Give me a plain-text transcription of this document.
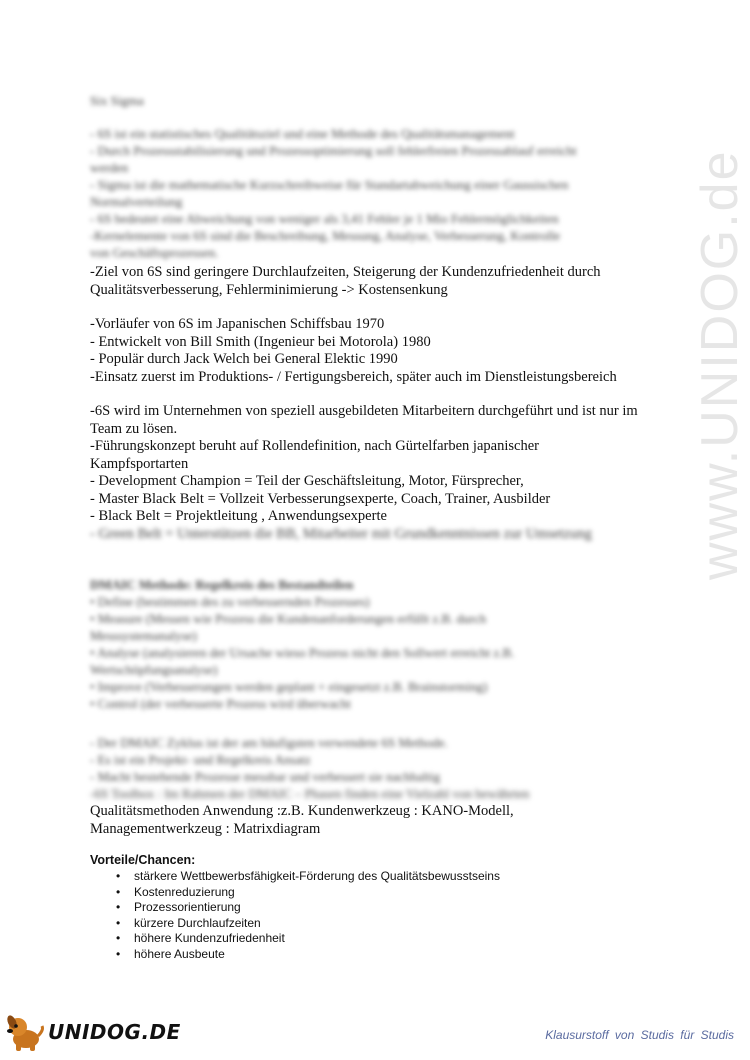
www.UNIDOG.de
Six Sigma
- 6S ist ein statistisches Qualitätsziel und eine Methode des Qualitätsmanagement
- Durch Prozessstabilisierung und Prozessoptimierung soll fehlerfreien Prozessablauf erreicht
werden
- Sigma ist die mathematische Kurzschreibweise für Standartabweichung einer Gaussischen
Normalverteilung
- 6S bedeutet eine Abweichung von weniger als 3,41 Fehler je 1 Mio Fehlermöglichkeiten
-Kernelemente von 6S sind die Beschreibung, Messung, Analyse, Verbesserung, Kontrolle
von Geschäftsprozessen.
-Ziel von 6S sind geringere Durchlaufzeiten, Steigerung der Kundenzufriedenheit durch
Qualitätsverbesserung, Fehlerminimierung -> Kostensenkung
-Vorläufer von 6S im Japanischen Schiffsbau 1970
- Entwickelt von Bill Smith (Ingenieur bei Motorola) 1980
- Populär durch Jack Welch bei General Elektic 1990
-Einsatz zuerst im Produktions- / Fertigungsbereich, später auch im Dienstleistungsbereich
-6S wird im Unternehmen von speziell ausgebildeten Mitarbeitern durchgeführt und ist nur im
Team zu lösen.
-Führungskonzept beruht auf Rollendefinition, nach Gürtelfarben japanischer
Kampfsportarten
- Development Champion = Teil der Geschäftsleitung, Motor, Fürsprecher,
- Master Black Belt = Vollzeit Verbesserungsexperte, Coach, Trainer, Ausbilder
- Black Belt = Projektleitung , Anwendungsexperte
- Green Belt = Unterstützen die BB, Mitarbeiter mit Grundkenntnissen zur Umsetzung
DMAIC Methode: Regelkreis des Bestandteilen
• Define (bestimmen des zu verbessernden Prozesses)
• Measure (Messen wie Prozess die Kundenanforderungen erfüllt z.B. durch
Messsystemanalyse)
• Analyse (analysieren der Ursache wieso Prozess nicht den Sollwert erreicht z.B.
Wertschöpfungsanalyse)
• Improve (Verbesserungen werden geplant + eingesetzt z.B. Brainstorming)
• Control (der verbesserte Prozess wird überwacht
- Der DMAIC Zyklus ist der am häufigsten verwendete 6S Methode.
- Es ist ein Projekt- und Regelkreis Ansatz
- Macht bestehende Prozesse messbar und verbessert sie nachhaltig
-6S Toolbox : Im Rahmen der DMAIC – Phasen finden eine Vielzahl von bewährten
Qualitätsmethoden Anwendung :z.B. Kundenwerkzeug : KANO-Modell,
Managementwerkzeug : Matrixdiagram
Vorteile/Chancen:
• stärkere Wettbewerbsfähigkeit-Förderung des Qualitätsbewusstseins
• Kostenreduzierung
• Prozessorientierung
• kürzere Durchlaufzeiten
• höhere Kundenzufriedenheit
• höhere Ausbeute
UNIDOG.DE	Klausurstoff von Studis für Studis
